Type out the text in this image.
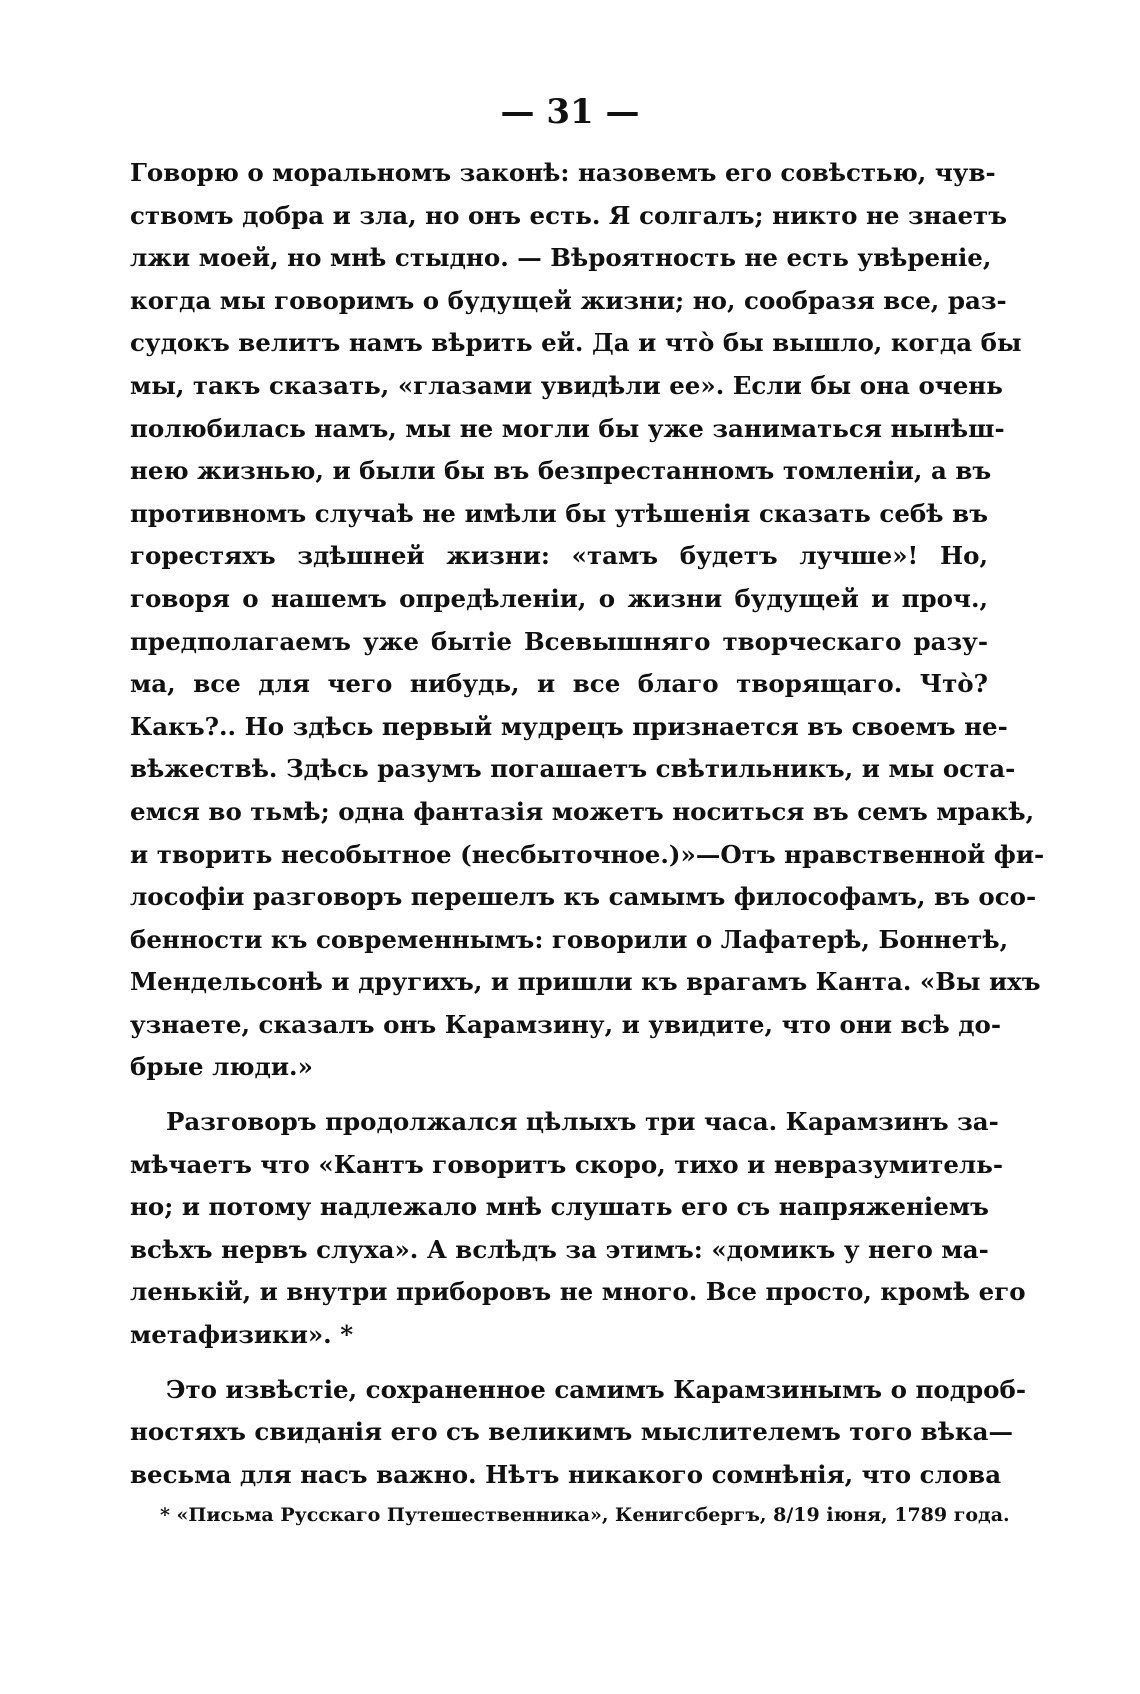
— 31 —
Говорю о моральномъ законѣ: назовемъ его совѣстью, чув-
ствомъ добра и зла, но онъ есть. Я солгалъ; никто не знаетъ
лжи моей, но мнѣ стыдно. — Вѣроятность не есть увѣреніе,
когда мы говоримъ о будущей жизни; но, сообразя все, раз-
судокъ велитъ намъ вѣрить ей. Да и что̀ бы вышло, когда бы
мы, такъ сказать, «глазами увидѣли ее». Если бы она очень
полюбилась намъ, мы не могли бы уже заниматься нынѣш-
нею жизнью, и были бы въ безпрестанномъ томленіи, а въ
противномъ случаѣ не имѣли бы утѣшенія сказать себѣ въ
горестяхъ здѣшней жизни: «тамъ будетъ лучше»! Но,
говоря о нашемъ опредѣленіи, о жизни будущей и проч.,
предполагаемъ уже бытіе Всевышняго творческаго разу-
ма, все для чего нибудь, и все благо творящаго. Что̀?
Какъ?.. Но здѣсь первый мудрецъ признается въ своемъ не-
вѣжествѣ. Здѣсь разумъ погашаетъ свѣтильникъ, и мы оста-
емся во тьмѣ; одна фантазія можетъ носиться въ семъ мракѣ,
и творить несобытное (несбыточное.)»—Отъ нравственной фи-
лософіи разговоръ перешелъ къ самымъ философамъ, въ осо-
бенности къ современнымъ: говорили о Лафатерѣ, Боннетѣ,
Мендельсонѣ и другихъ, и пришли къ врагамъ Канта. «Вы ихъ
узнаете, сказалъ онъ Карамзину, и увидите, что они всѣ до-
брые люди.»
Разговоръ продолжался цѣлыхъ три часа. Карамзинъ за-
мѣчаетъ что «Кантъ говоритъ скоро, тихо и невразумитель-
но; и потому надлежало мнѣ слушать его съ напряженіемъ
всѣхъ нервъ слуха». А вслѣдъ за этимъ: «домикъ у него ма-
ленькій, и внутри приборовъ не много. Все просто, кромѣ его
метафизики». *
Это извѣстіе, сохраненное самимъ Карамзинымъ о подроб-
ностяхъ свиданія его съ великимъ мыслителемъ того вѣка—
весьма для насъ важно. Нѣтъ никакого сомнѣнія, что слова
* «Письма Русскаго Путешественника», Кенигсбергъ, 8/19 іюня, 1789 года.
